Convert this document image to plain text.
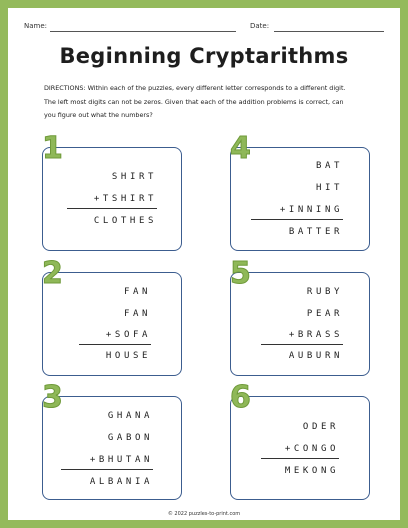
Name:	Date:
Beginning Cryptarithms
DIRECTIONS: Within each of the puzzles, every different letter corresponds to a different digit.
The left most digits can not be zeros. Given that each of the addition problems is correct, can
you figure out what the numbers?
SHIRT
+TSHIRT
CLOTHES
1
FAN
FAN
+SOFA
HOUSE
2
GHANA
GABON
+BHUTAN
ALBANIA
3
BAT
HIT
+INNING
BATTER
4
RUBY
PEAR
+BRASS
AUBURN
5
ODER
+CONGO
MEKONG
6
© 2022 puzzles-to-print.com
